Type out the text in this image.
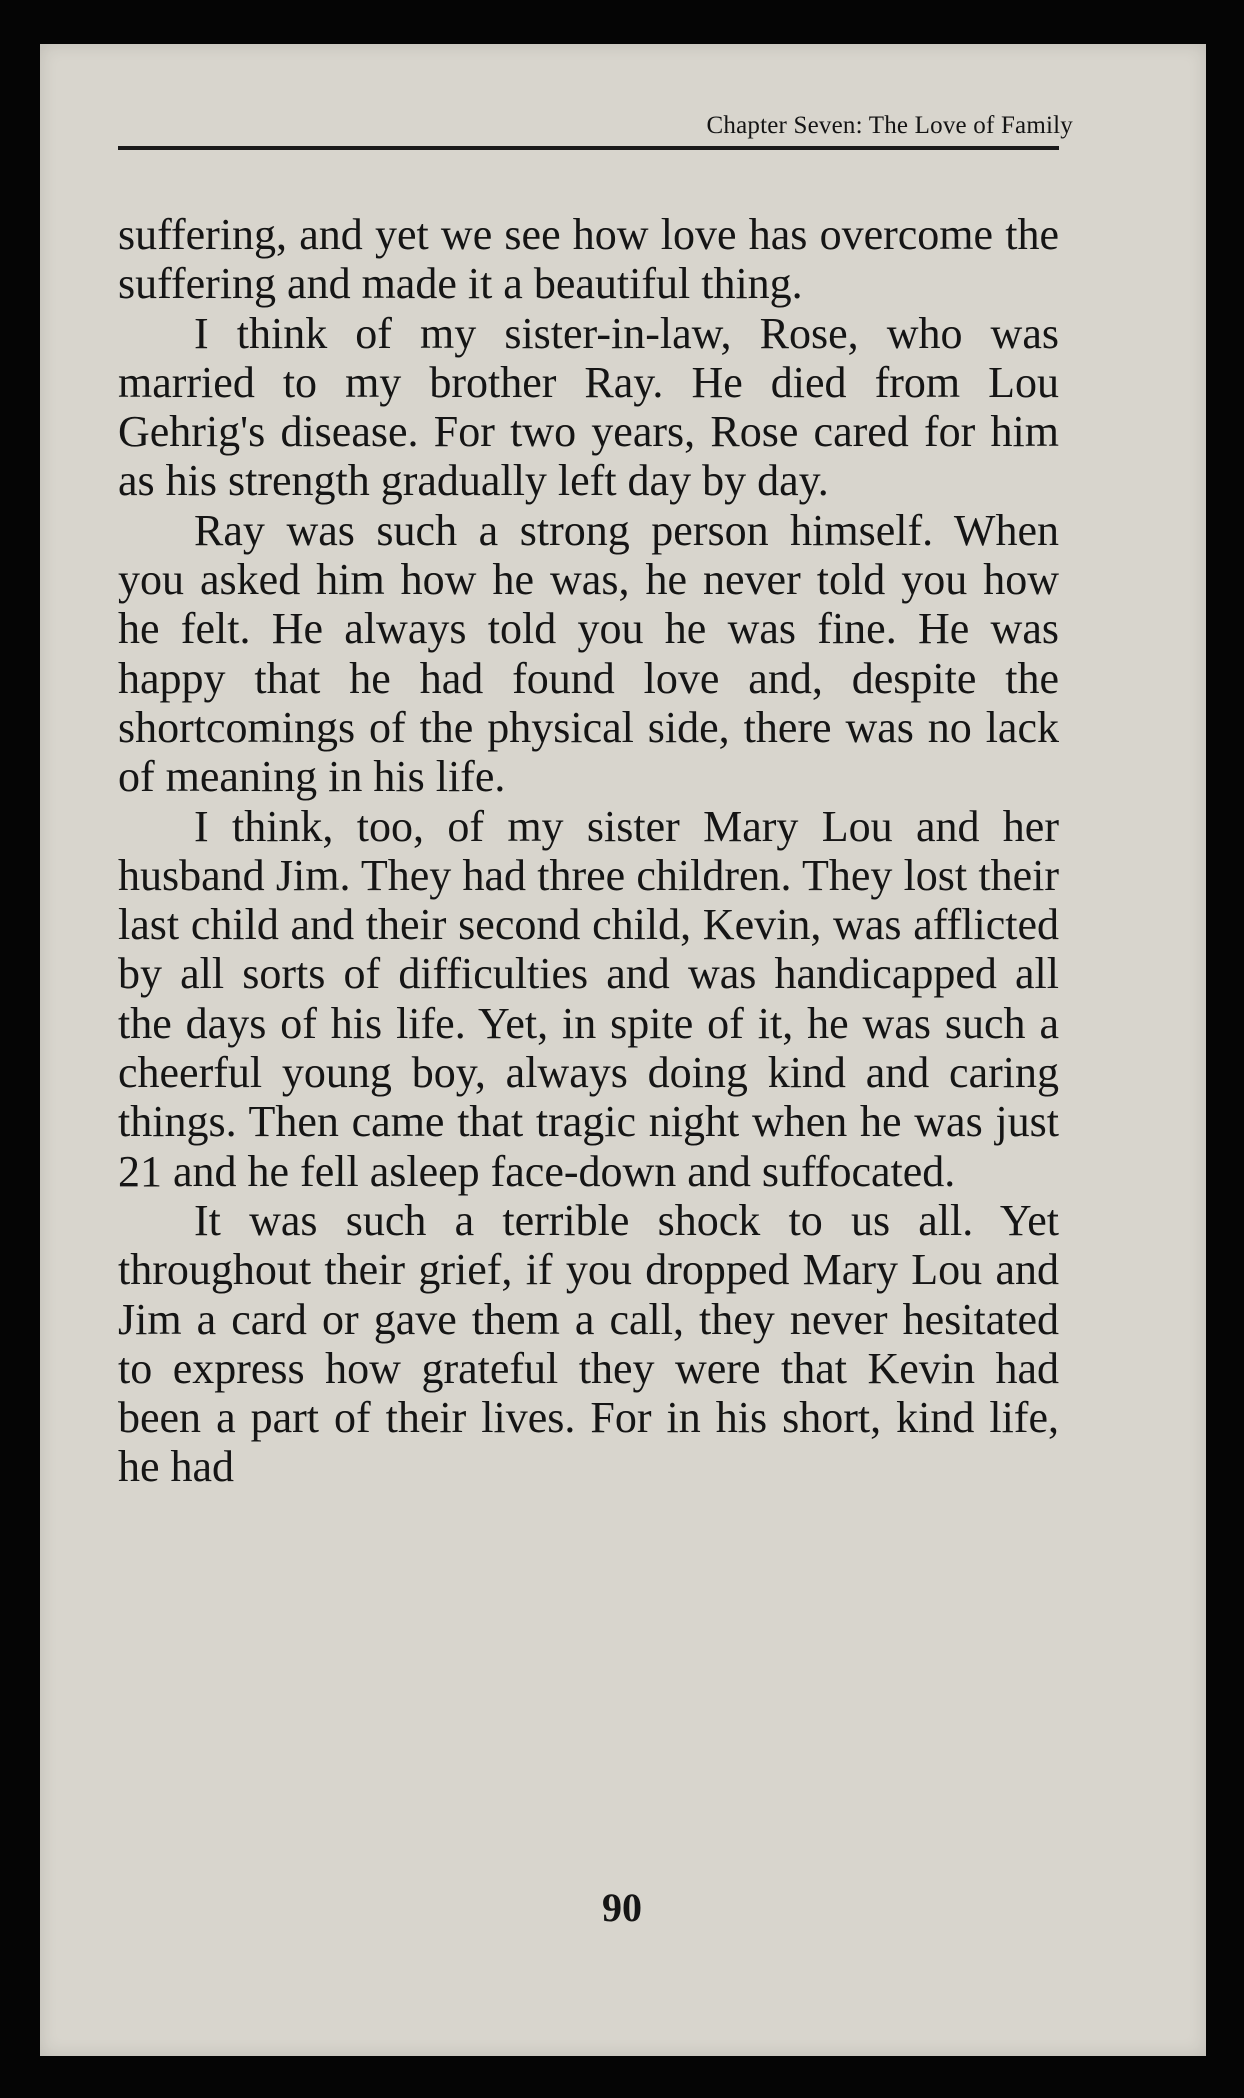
Chapter Seven: The Love of Family

suffering, and yet we see how love has overcome the suffering and made it a beautiful thing.

I think of my sister-in-law, Rose, who was married to my brother Ray. He died from Lou Gehrig's disease. For two years, Rose cared for him as his strength gradually left day by day.

Ray was such a strong person himself. When you asked him how he was, he never told you how he felt. He always told you he was fine. He was happy that he had found love and, despite the shortcomings of the physical side, there was no lack of meaning in his life.

I think, too, of my sister Mary Lou and her husband Jim. They had three children. They lost their last child and their second child, Kevin, was afflicted by all sorts of difficulties and was handicapped all the days of his life. Yet, in spite of it, he was such a cheerful young boy, always doing kind and caring things. Then came that tragic night when he was just 21 and he fell asleep face-down and suffocated.

It was such a terrible shock to us all. Yet throughout their grief, if you dropped Mary Lou and Jim a card or gave them a call, they never hesitated to express how grateful they were that Kevin had been a part of their lives. For in his short, kind life, he had

90
